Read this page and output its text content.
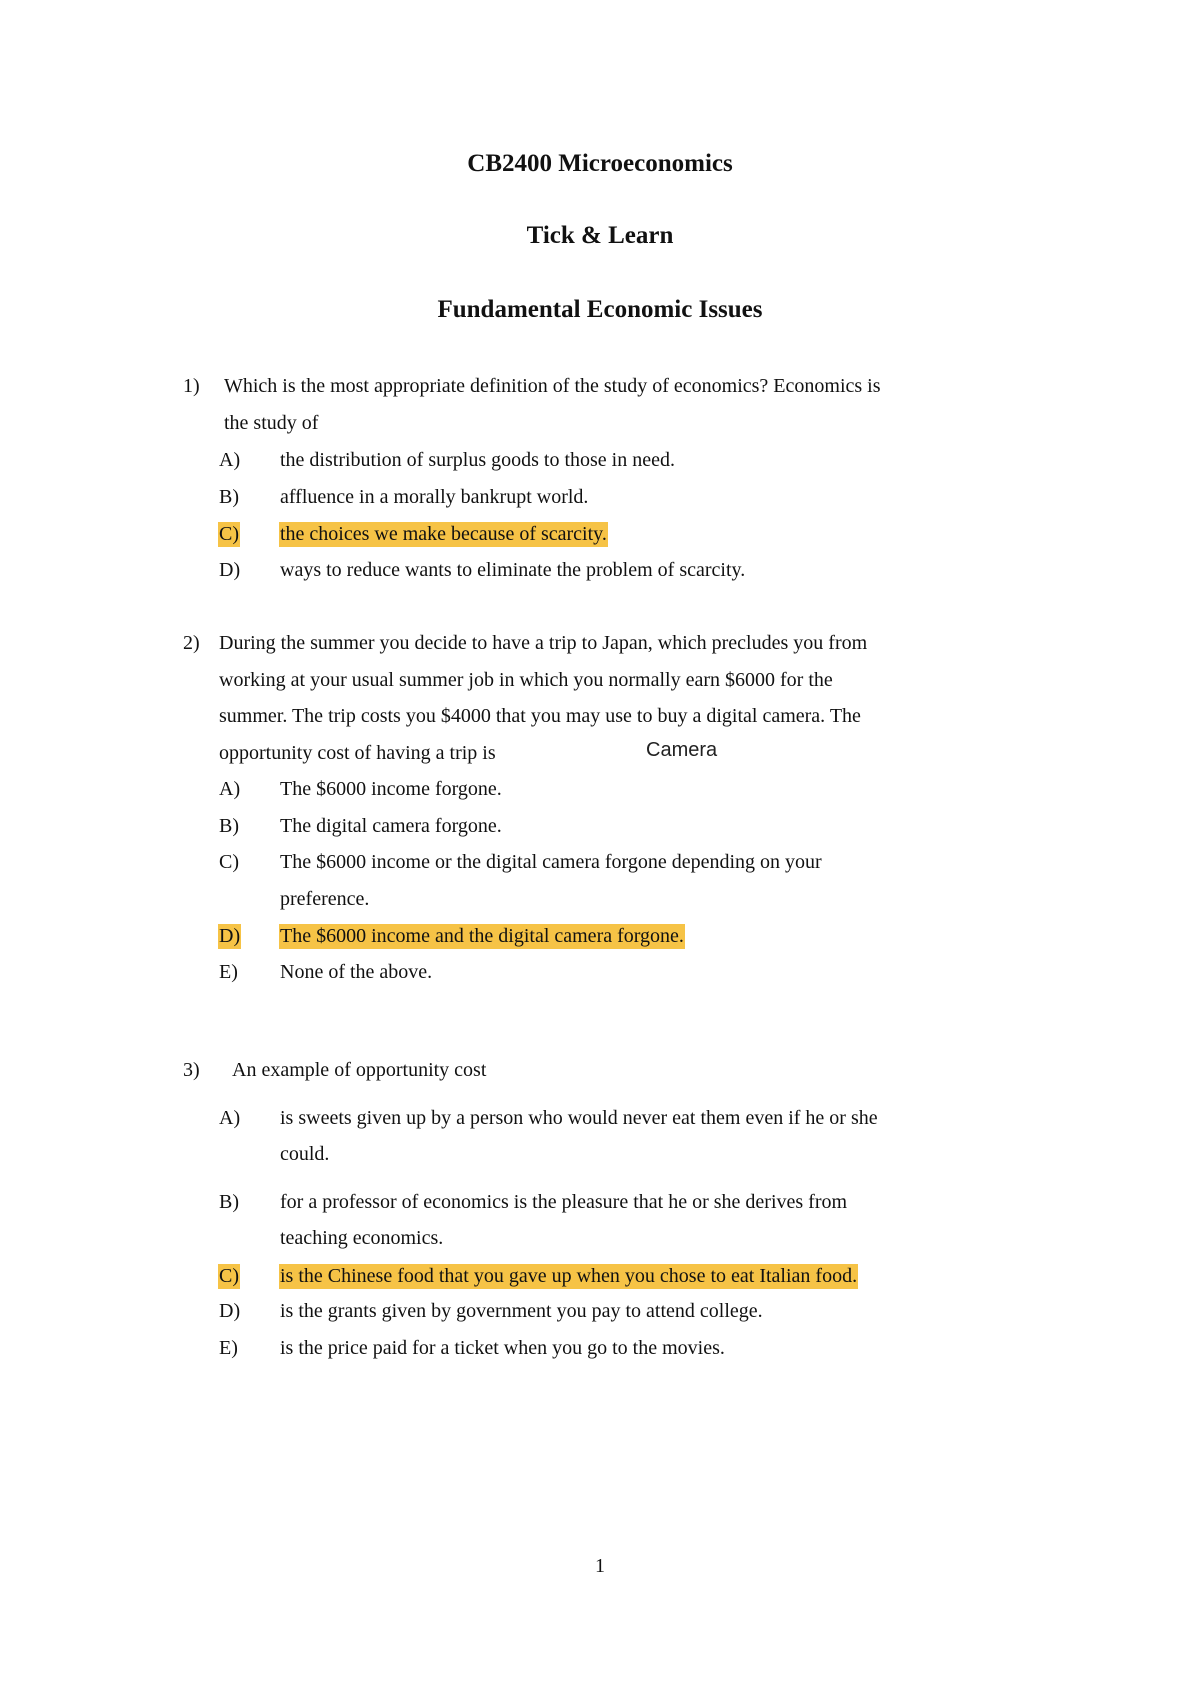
CB2400 Microeconomics
Tick & Learn
Fundamental Economic Issues
1) Which is the most appropriate definition of the study of economics? Economics is
the study of
A) the distribution of surplus goods to those in need.
B) affluence in a morally bankrupt world.
C) the choices we make because of scarcity.
D) ways to reduce wants to eliminate the problem of scarcity.
2) During the summer you decide to have a trip to Japan, which precludes you from
working at your usual summer job in which you normally earn $6000 for the
summer. The trip costs you $4000 that you may use to buy a digital camera. The
opportunity cost of having a trip is	Camera
A) The $6000 income forgone.
B) The digital camera forgone.
C) The $6000 income or the digital camera forgone depending on your
preference.
D) The $6000 income and the digital camera forgone.
E) None of the above.
3) An example of opportunity cost
A) is sweets given up by a person who would never eat them even if he or she
could.
B) for a professor of economics is the pleasure that he or she derives from
teaching economics.
C) is the Chinese food that you gave up when you chose to eat Italian food.
D) is the grants given by government you pay to attend college.
E) is the price paid for a ticket when you go to the movies.
1
